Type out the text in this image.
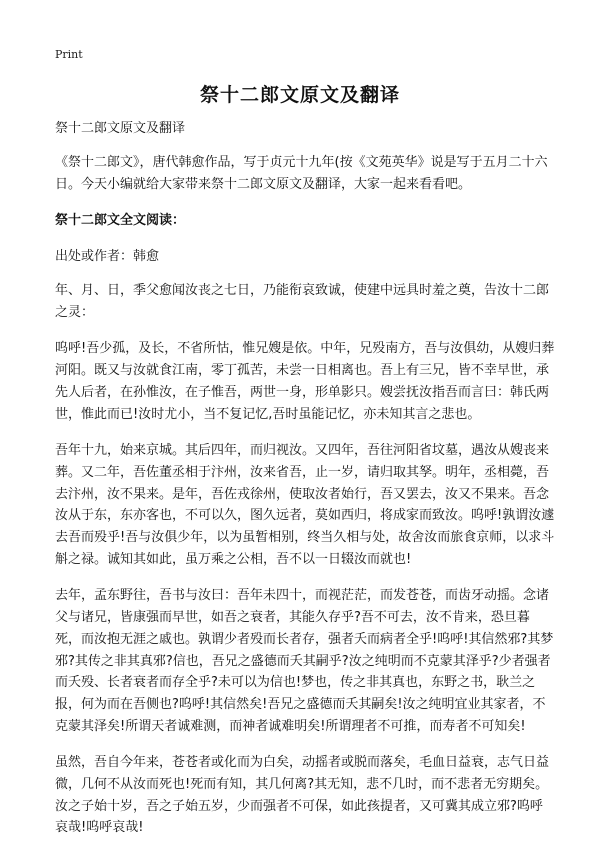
Print
祭十二郎文原文及翻译

祭十二郎文原文及翻译

《祭十二郎文》，唐代韩愈作品，写于贞元十九年(按《文苑英华》说是写于五月二十六日。今天小编就给大家带来祭十二郎文原文及翻译，大家一起来看看吧。

祭十二郎文全文阅读：

出处或作者：韩愈

年、月、日，季父愈闻汝丧之七日，乃能衔哀致诚，使建中远具时羞之奠，告汝十二郎之灵：

呜呼!吾少孤，及长，不省所怙，惟兄嫂是依。中年，兄殁南方，吾与汝俱幼，从嫂归葬河阳。既又与汝就食江南，零丁孤苦，未尝一日相离也。吾上有三兄，皆不幸早世，承先人后者，在孙惟汝，在子惟吾，两世一身，形单影只。嫂尝抚汝指吾而言曰：韩氏两世，惟此而已!汝时尤小，当不复记忆,吾时虽能记忆，亦未知其言之悲也。

吾年十九，始来京城。其后四年，而归视汝。又四年，吾往河阳省坟墓，遇汝从嫂丧来葬。又二年，吾佐董丞相于汴州，汝来省吾，止一岁，请归取其孥。明年，丞相薨，吾去汴州，汝不果来。是年，吾佐戎徐州，使取汝者始行，吾又罢去，汝又不果来。吾念汝从于东，东亦客也，不可以久，图久远者，莫如西归，将成家而致汝。呜呼!孰谓汝遽去吾而殁乎!吾与汝俱少年，以为虽暂相别，终当久相与处，故舍汝而旅食京师，以求斗斛之禄。诚知其如此，虽万乘之公相，吾不以一日辍汝而就也!

去年，孟东野往，吾书与汝曰：吾年未四十，而视茫茫，而发苍苍，而齿牙动摇。念诸父与诸兄，皆康强而早世，如吾之衰者，其能久存乎?吾不可去，汝不肯来，恐旦暮死，而汝抱无涯之戚也。孰谓少者殁而长者存，强者夭而病者全乎!呜呼!其信然邪?其梦邪?其传之非其真邪?信也，吾兄之盛德而夭其嗣乎?汝之纯明而不克蒙其泽乎?少者强者而夭殁、长者衰者而存全乎?未可以为信也!梦也，传之非其真也，东野之书，耿兰之报，何为而在吾侧也?呜呼!其信然矣!吾兄之盛德而夭其嗣矣!汝之纯明宜业其家者，不克蒙其泽矣!所谓天者诚难测，而神者诚难明矣!所谓理者不可推，而寿者不可知矣!

虽然，吾自今年来，苍苍者或化而为白矣，动摇者或脱而落矣，毛血日益衰，志气日益微，几何不从汝而死也!死而有知，其几何离?其无知，悲不几时，而不悲者无穷期矣。汝之子始十岁，吾之子始五岁，少而强者不可保，如此孩提者，又可冀其成立邪?呜呼哀哉!呜呼哀哉!
